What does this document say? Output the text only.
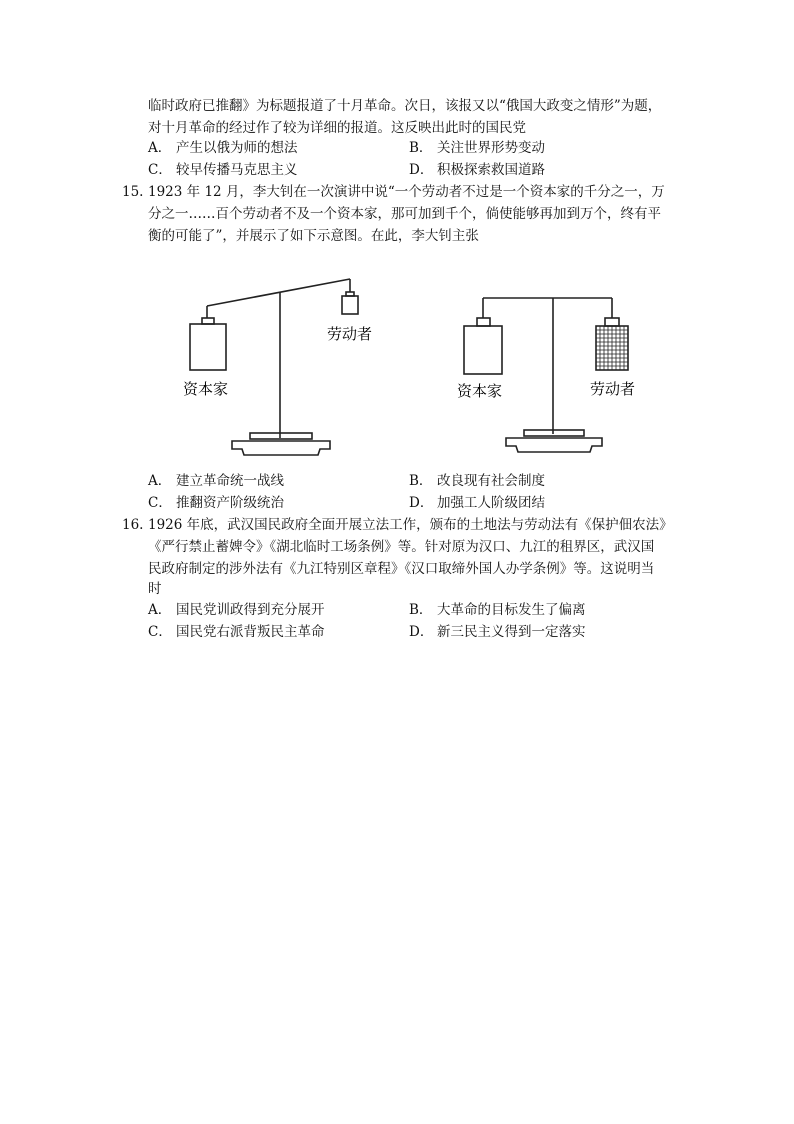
临时政府已推翻》为标题报道了十月革命。次日，该报又以“俄国大政变之情形”为题，
对十月革命的经过作了较为详细的报道。这反映出此时的国民党
A． 产生以俄为师的想法	B． 关注世界形势变动
C． 较早传播马克思主义	D． 积极探索救国道路
15. 1923 年 12 月，李大钊在一次演讲中说“一个劳动者不过是一个资本家的千分之一，万
分之一……百个劳动者不及一个资本家，那可加到千个，倘使能够再加到万个，终有平
衡的可能了”，并展示了如下示意图。在此，李大钊主张
资本家
劳动者
资本家	劳动者
A． 建立革命统一战线	B． 改良现有社会制度
C． 推翻资产阶级统治	D． 加强工人阶级团结
16. 1926 年底，武汉国民政府全面开展立法工作，颁布的土地法与劳动法有《保护佃农法》
《严行禁止蓄婢令》《湖北临时工场条例》等。针对原为汉口、九江的租界区，武汉国
民政府制定的涉外法有《九江特别区章程》《汉口取缔外国人办学条例》等。这说明当
时
A． 国民党训政得到充分展开	B． 大革命的目标发生了偏离
C． 国民党右派背叛民主革命	D． 新三民主义得到一定落实
